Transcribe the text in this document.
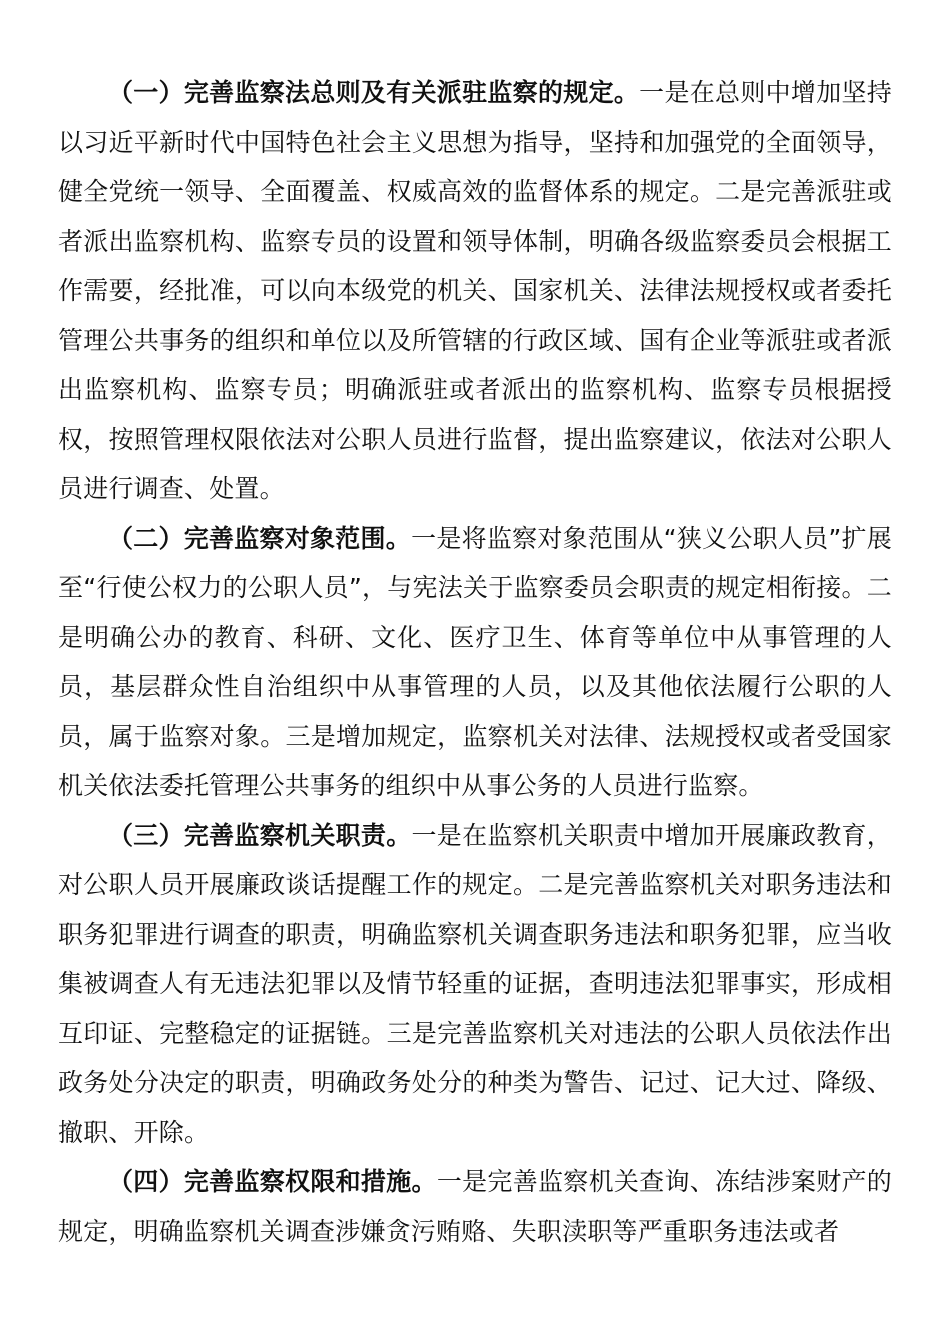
（一）完善监察法总则及有关派驻监察的规定。一是在总则中增加坚持以习近平新时代中国特色社会主义思想为指导，坚持和加强党的全面领导，健全党统一领导、全面覆盖、权威高效的监督体系的规定。二是完善派驻或者派出监察机构、监察专员的设置和领导体制，明确各级监察委员会根据工作需要，经批准，可以向本级党的机关、国家机关、法律法规授权或者委托管理公共事务的组织和单位以及所管辖的行政区域、国有企业等派驻或者派出监察机构、监察专员；明确派驻或者派出的监察机构、监察专员根据授权，按照管理权限依法对公职人员进行监督，提出监察建议，依法对公职人员进行调查、处置。

（二）完善监察对象范围。一是将监察对象范围从“狭义公职人员”扩展至“行使公权力的公职人员”，与宪法关于监察委员会职责的规定相衔接。二是明确公办的教育、科研、文化、医疗卫生、体育等单位中从事管理的人员，基层群众性自治组织中从事管理的人员，以及其他依法履行公职的人员，属于监察对象。三是增加规定，监察机关对法律、法规授权或者受国家机关依法委托管理公共事务的组织中从事公务的人员进行监察。

（三）完善监察机关职责。一是在监察机关职责中增加开展廉政教育，对公职人员开展廉政谈话提醒工作的规定。二是完善监察机关对职务违法和职务犯罪进行调查的职责，明确监察机关调查职务违法和职务犯罪，应当收集被调查人有无违法犯罪以及情节轻重的证据，查明违法犯罪事实，形成相互印证、完整稳定的证据链。三是完善监察机关对违法的公职人员依法作出政务处分决定的职责，明确政务处分的种类为警告、记过、记大过、降级、撤职、开除。

（四）完善监察权限和措施。一是完善监察机关查询、冻结涉案财产的规定，明确监察机关调查涉嫌贪污贿赂、失职渎职等严重职务违法或者
